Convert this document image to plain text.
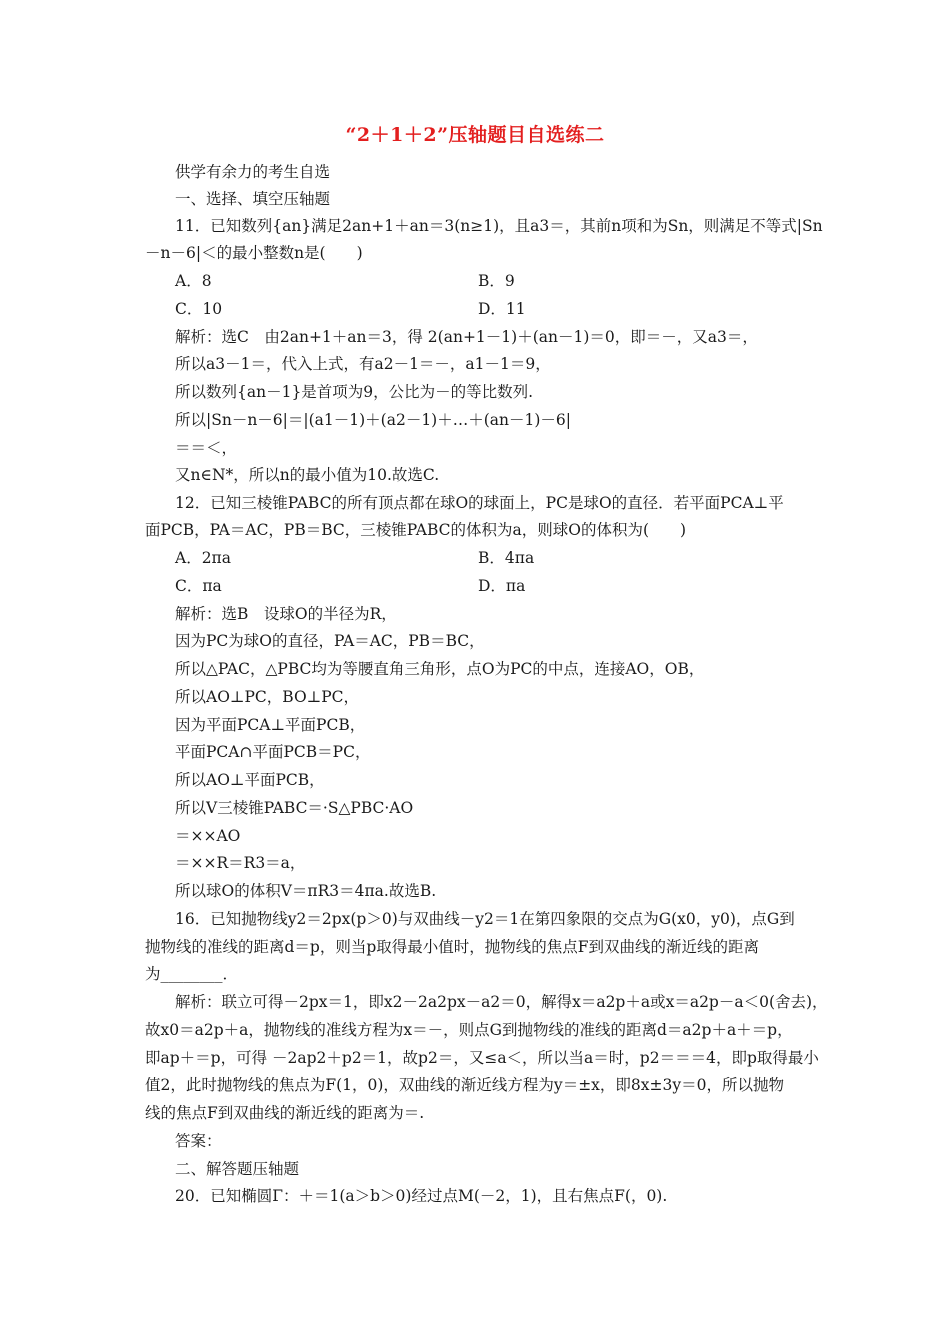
“2＋1＋2”压轴题目自选练二
供学有余力的考生自选
一、选择、填空压轴题
11．已知数列{an}满足2an+1＋an＝3(n≥1)，且a3＝，其前n项和为Sn，则满足不等式|Sn
－n－6|＜的最小整数n是(　　)
A．8	B．9
C．10	D．11
解析：选C　由2an+1＋an＝3，得 2(an+1－1)＋(an－1)＝0，即＝－，又a3＝，
所以a3－1＝，代入上式，有a2－1＝－，a1－1＝9，
所以数列{an－1}是首项为9，公比为－的等比数列.
所以|Sn－n－6|＝|(a1－1)＋(a2－1)＋…＋(an－1)－6|
＝＝＜，
又n∈N*，所以n的最小值为10.故选C.
12．已知三棱锥PABC的所有顶点都在球O的球面上，PC是球O的直径．若平面PCA⊥平
面PCB，PA＝AC，PB＝BC，三棱锥PABC的体积为a，则球O的体积为(　　)
A．2πa	B．4πa
C．πa	D．πa
解析：选B　设球O的半径为R，
因为PC为球O的直径，PA＝AC，PB＝BC，
所以△PAC，△PBC均为等腰直角三角形，点O为PC的中点，连接AO，OB，
所以AO⊥PC，BO⊥PC，
因为平面PCA⊥平面PCB，
平面PCA∩平面PCB＝PC，
所以AO⊥平面PCB，
所以V三棱锥PABC＝·S△PBC·AO
＝××AO
＝××R＝R3＝a，
所以球O的体积V＝πR3＝4πa.故选B.
16．已知抛物线y2＝2px(p＞0)与双曲线－y2＝1在第四象限的交点为G(x0，y0)，点G到
抛物线的准线的距离d＝p，则当p取得最小值时，抛物线的焦点F到双曲线的渐近线的距离
为________．
解析：联立可得－2px＝1，即x2－2a2px－a2＝0，解得x＝a2p＋a或x＝a2p－a＜0(舍去)，
故x0＝a2p＋a，抛物线的准线方程为x＝－，则点G到抛物线的准线的距离d＝a2p＋a＋＝p，
即ap＋＝p，可得 －2ap2＋p2＝1，故p2＝，又≤a＜，所以当a＝时，p2＝＝＝4，即p取得最小
值2，此时抛物线的焦点为F(1，0)，双曲线的渐近线方程为y＝±x，即8x±3y＝0，所以抛物
线的焦点F到双曲线的渐近线的距离为＝.
答案：
二、解答题压轴题
20．已知椭圆Γ：＋＝1(a＞b＞0)经过点M(－2，1)，且右焦点F(，0).
